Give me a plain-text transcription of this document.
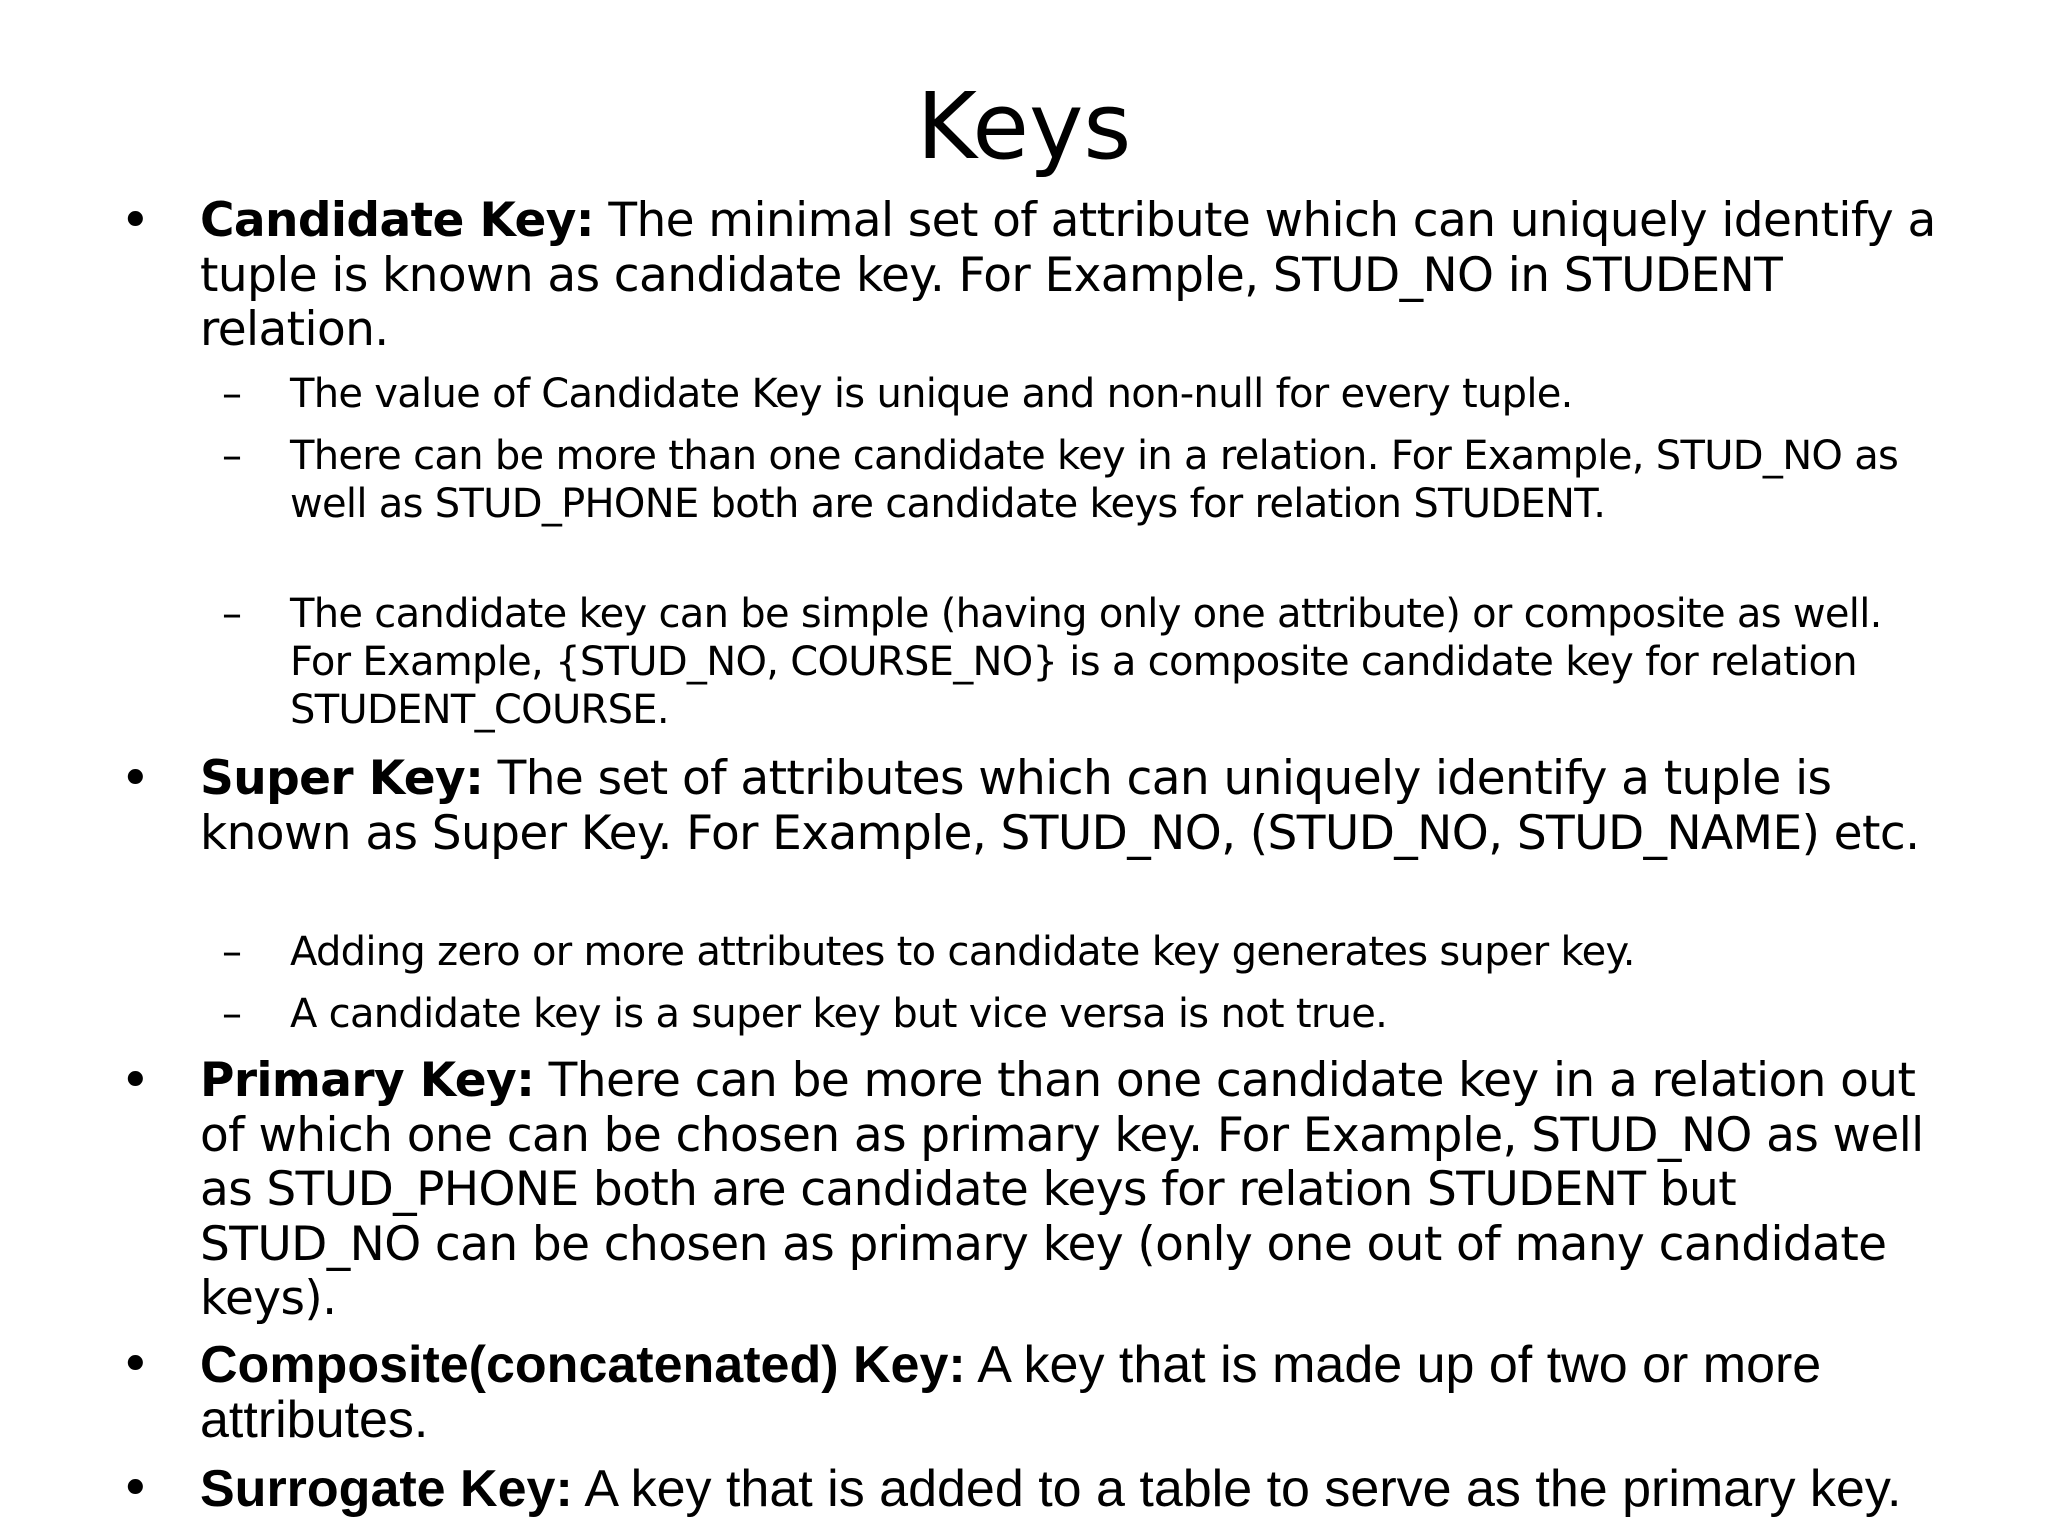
Keys
• Candidate Key: The minimal set of attribute which can uniquely identify a tuple is known as candidate key. For Example, STUD_NO in STUDENT relation.
– The value of Candidate Key is unique and non-null for every tuple.
– There can be more than one candidate key in a relation. For Example, STUD_NO as well as STUD_PHONE both are candidate keys for relation STUDENT.
– The candidate key can be simple (having only one attribute) or composite as well. For Example, {STUD_NO, COURSE_NO} is a composite candidate key for relation STUDENT_COURSE.
• Super Key: The set of attributes which can uniquely identify a tuple is known as Super Key. For Example, STUD_NO, (STUD_NO, STUD_NAME) etc.
– Adding zero or more attributes to candidate key generates super key.
– A candidate key is a super key but vice versa is not true.
• Primary Key: There can be more than one candidate key in a relation out of which one can be chosen as primary key. For Example, STUD_NO as well as STUD_PHONE both are candidate keys for relation STUDENT but STUD_NO can be chosen as primary key (only one out of many candidate keys).
• Composite(concatenated) Key: A key that is made up of two or more attributes.
• Surrogate Key: A key that is added to a table to serve as the primary key.
